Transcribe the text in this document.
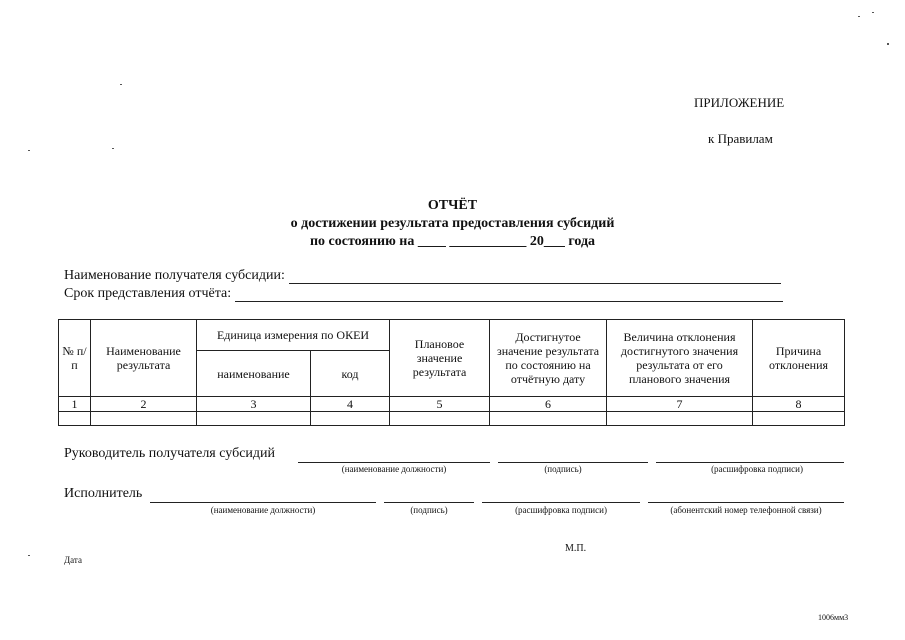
ПРИЛОЖЕНИЕ
к Правилам
ОТЧЁТ
о достижении результата предоставления субсидий
по состоянию на ____ ___________ 20___ года
Наименование получателя субсидии:
Срок представления отчёта:
№ п/п	Наименование результата	Единица измерения по ОКЕИ		Плановое значение результата	Достигнутое значение результата по состоянию на отчётную дату	Величина отклонения достигнутого значения результата от его планового значения	Причина отклонения
		наименование	код				
1	2	3	4	5	6	7	8

Руководитель получателя субсидий
(наименование должности)	(подпись)	(расшифровка подписи)
Исполнитель
(наименование должности)	(подпись)	(расшифровка подписи)	(абонентский номер телефонной связи)
М.П.
Дата
1006мм3
